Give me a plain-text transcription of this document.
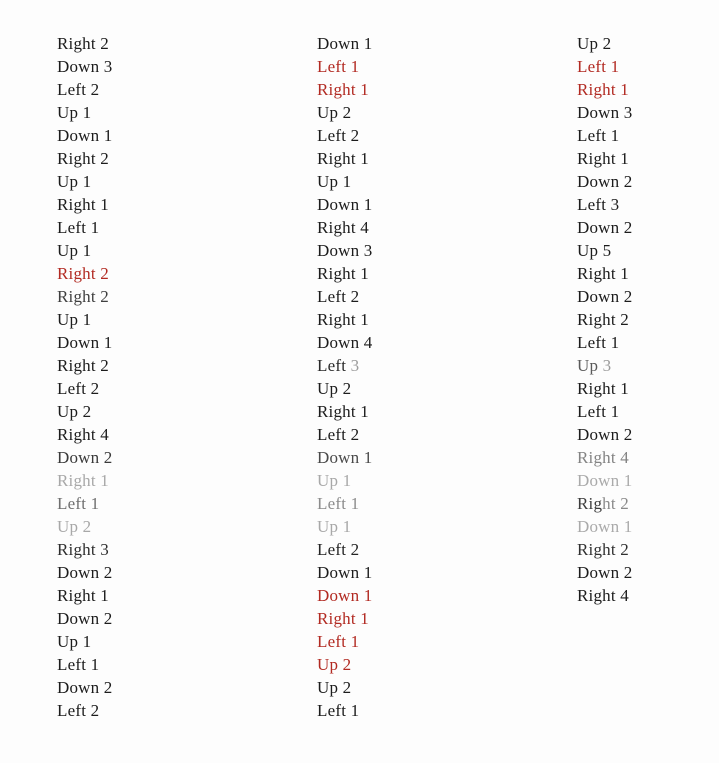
Right 2
Down 3
Left 2
Up 1
Down 1
Right 2
Up 1
Right 1
Left 1
Up 1
Right 2
Right 2
Up 1
Down 1
Right 2
Left 2
Up 2
Right 4
Down 2
Right 1
Left 1
Up 2
Right 3
Down 2
Right 1
Down 2
Up 1
Left 1
Down 2
Left 2
Down 1
Left 1
Right 1
Up 2
Left 2
Right 1
Up 1
Down 1
Right 4
Down 3
Right 1
Left 2
Right 1
Down 4
Left 3
Up 2
Right 1
Left 2
Down 1
Up 1
Left 1
Up 1
Left 2
Down 1
Down 1
Right 1
Left 1
Up 2
Up 2
Left 1
Up 2
Left 1
Right 1
Down 3
Left 1
Right 1
Down 2
Left 3
Down 2
Up 5
Right 1
Down 2
Right 2
Left 1
Up 3
Right 1
Left 1
Down 2
Right 4
Down 1
Right 2
Down 1
Right 2
Down 2
Right 4
